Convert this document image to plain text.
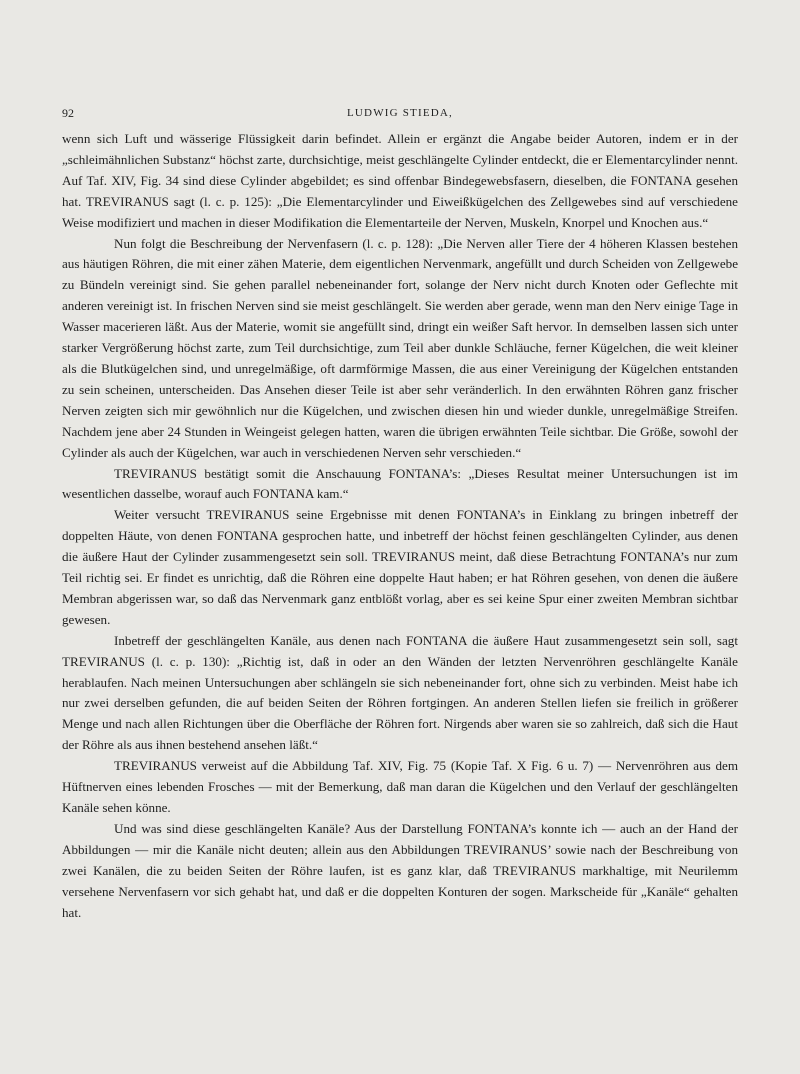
92	LUDWIG STIEDA,

wenn sich Luft und wässerige Flüssigkeit darin befindet. Allein er ergänzt die Angabe beider Autoren, indem er in der „schleimähnlichen Substanz“ höchst zarte, durchsichtige, meist geschlängelte Cylinder entdeckt, die er Elementarcylinder nennt. Auf Taf. XIV, Fig. 34 sind diese Cylinder abgebildet; es sind offenbar Bindegewebsfasern, dieselben, die FONTANA gesehen hat. TREVIRANUS sagt (l. c. p. 125): „Die Elementarcylinder und Eiweißkügelchen des Zellgewebes sind auf verschiedene Weise modifiziert und machen in dieser Modifikation die Elementarteile der Nerven, Muskeln, Knorpel und Knochen aus.“

Nun folgt die Beschreibung der Nervenfasern (l. c. p. 128): „Die Nerven aller Tiere der 4 höheren Klassen bestehen aus häutigen Röhren, die mit einer zähen Materie, dem eigentlichen Nervenmark, angefüllt und durch Scheiden von Zellgewebe zu Bündeln vereinigt sind. Sie gehen parallel nebeneinander fort, solange der Nerv nicht durch Knoten oder Geflechte mit anderen vereinigt ist. In frischen Nerven sind sie meist geschlängelt. Sie werden aber gerade, wenn man den Nerv einige Tage in Wasser macerieren läßt. Aus der Materie, womit sie angefüllt sind, dringt ein weißer Saft hervor. In demselben lassen sich unter starker Vergrößerung höchst zarte, zum Teil durchsichtige, zum Teil aber dunkle Schläuche, ferner Kügelchen, die weit kleiner als die Blutkügelchen sind, und unregelmäßige, oft darmförmige Massen, die aus einer Vereinigung der Kügelchen entstanden zu sein scheinen, unterscheiden. Das Ansehen dieser Teile ist aber sehr veränderlich. In den erwähnten Röhren ganz frischer Nerven zeigten sich mir gewöhnlich nur die Kügelchen, und zwischen diesen hin und wieder dunkle, unregelmäßige Streifen. Nachdem jene aber 24 Stunden in Weingeist gelegen hatten, waren die übrigen erwähnten Teile sichtbar. Die Größe, sowohl der Cylinder als auch der Kügelchen, war auch in verschiedenen Nerven sehr verschieden.“

TREVIRANUS bestätigt somit die Anschauung FONTANA’s: „Dieses Resultat meiner Untersuchungen ist im wesentlichen dasselbe, worauf auch FONTANA kam.“

Weiter versucht TREVIRANUS seine Ergebnisse mit denen FONTANA’s in Einklang zu bringen inbetreff der doppelten Häute, von denen FONTANA gesprochen hatte, und inbetreff der höchst feinen geschlängelten Cylinder, aus denen die äußere Haut der Cylinder zusammengesetzt sein soll. TREVIRANUS meint, daß diese Betrachtung FONTANA’s nur zum Teil richtig sei. Er findet es unrichtig, daß die Röhren eine doppelte Haut haben; er hat Röhren gesehen, von denen die äußere Membran abgerissen war, so daß das Nervenmark ganz entblößt vorlag, aber es sei keine Spur einer zweiten Membran sichtbar gewesen.

Inbetreff der geschlängelten Kanäle, aus denen nach FONTANA die äußere Haut zusammengesetzt sein soll, sagt TREVIRANUS (l. c. p. 130): „Richtig ist, daß in oder an den Wänden der letzten Nervenröhren geschlängelte Kanäle herablaufen. Nach meinen Untersuchungen aber schlängeln sie sich nebeneinander fort, ohne sich zu verbinden. Meist habe ich nur zwei derselben gefunden, die auf beiden Seiten der Röhren fortgingen. An anderen Stellen liefen sie freilich in größerer Menge und nach allen Richtungen über die Oberfläche der Röhren fort. Nirgends aber waren sie so zahlreich, daß sich die Haut der Röhre als aus ihnen bestehend ansehen läßt.“

TREVIRANUS verweist auf die Abbildung Taf. XIV, Fig. 75 (Kopie Taf. X Fig. 6 u. 7) — Nervenröhren aus dem Hüftnerven eines lebenden Frosches — mit der Bemerkung, daß man daran die Kügelchen und den Verlauf der geschlängelten Kanäle sehen könne.

Und was sind diese geschlängelten Kanäle? Aus der Darstellung FONTANA’s konnte ich — auch an der Hand der Abbildungen — mir die Kanäle nicht deuten; allein aus den Abbildungen TREVIRANUS’ sowie nach der Beschreibung von zwei Kanälen, die zu beiden Seiten der Röhre laufen, ist es ganz klar, daß TREVIRANUS markhaltige, mit Neurilemm versehene Nervenfasern vor sich gehabt hat, und daß er die doppelten Konturen der sogen. Markscheide für „Kanäle“ gehalten hat.
